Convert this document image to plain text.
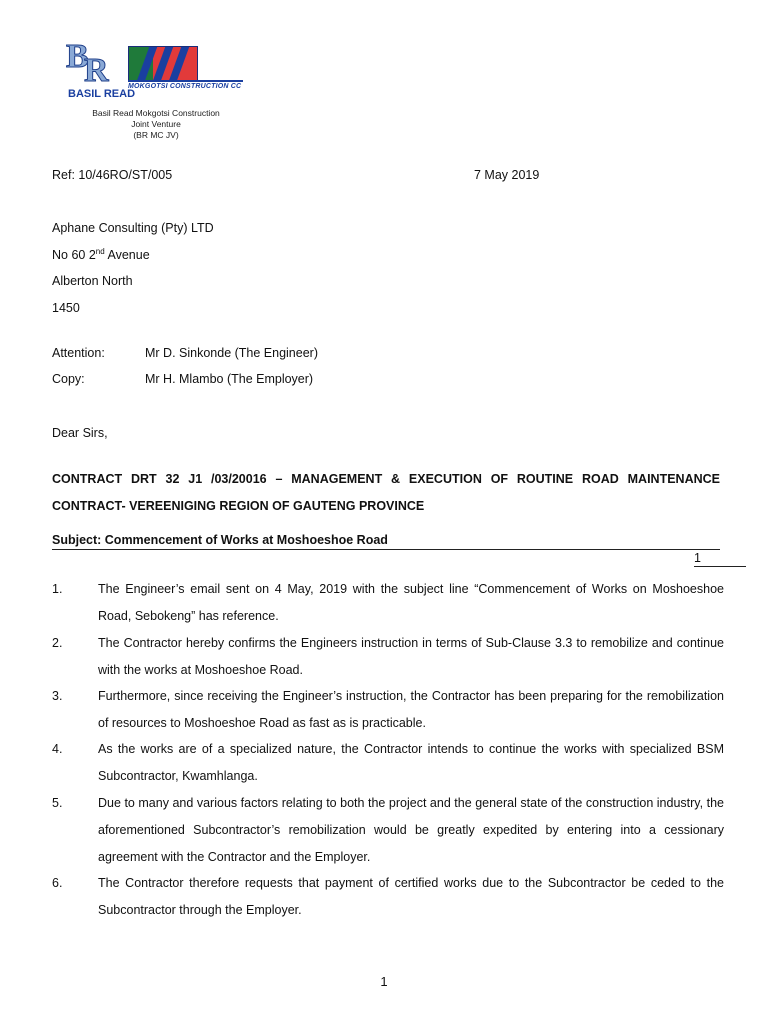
B
R	MOKGOTSI CONSTRUCTION CC
BASIL READ
Basil Read Mokgotsi Construction
Joint Venture
(BR MC JV)
Ref: 10/46RO/ST/005	7 May 2019
Aphane Consulting (Pty) LTD
No 60 2nd Avenue
Alberton North
1450
Attention:	Mr D. Sinkonde (The Engineer)
Copy:	Mr H. Mlambo (The Employer)
Dear Sirs,
CONTRACT DRT 32 J1 /03/20016 – MANAGEMENT & EXECUTION OF ROUTINE ROAD MAINTENANCE CONTRACT- VEREENIGING REGION OF GAUTENG PROVINCE
Subject: Commencement of Works at Moshoeshoe Road
1
1.	The Engineer’s email sent on 4 May, 2019 with the subject line “Commencement of Works on Moshoeshoe Road, Sebokeng” has reference.
2.	The Contractor hereby confirms the Engineers instruction in terms of Sub-Clause 3.3 to remobilize and continue with the works at Moshoeshoe Road.
3.	Furthermore, since receiving the Engineer’s instruction, the Contractor has been preparing for the remobilization of resources to Moshoeshoe Road as fast as is practicable.
4.	As the works are of a specialized nature, the Contractor intends to continue the works with specialized BSM Subcontractor, Kwamhlanga.
5.	Due to many and various factors relating to both the project and the general state of the construction industry, the aforementioned Subcontractor’s remobilization would be greatly expedited by entering into a cessionary agreement with the Contractor and the Employer.
6.	The Contractor therefore requests that payment of certified works due to the Subcontractor be ceded to the Subcontractor through the Employer.
1
